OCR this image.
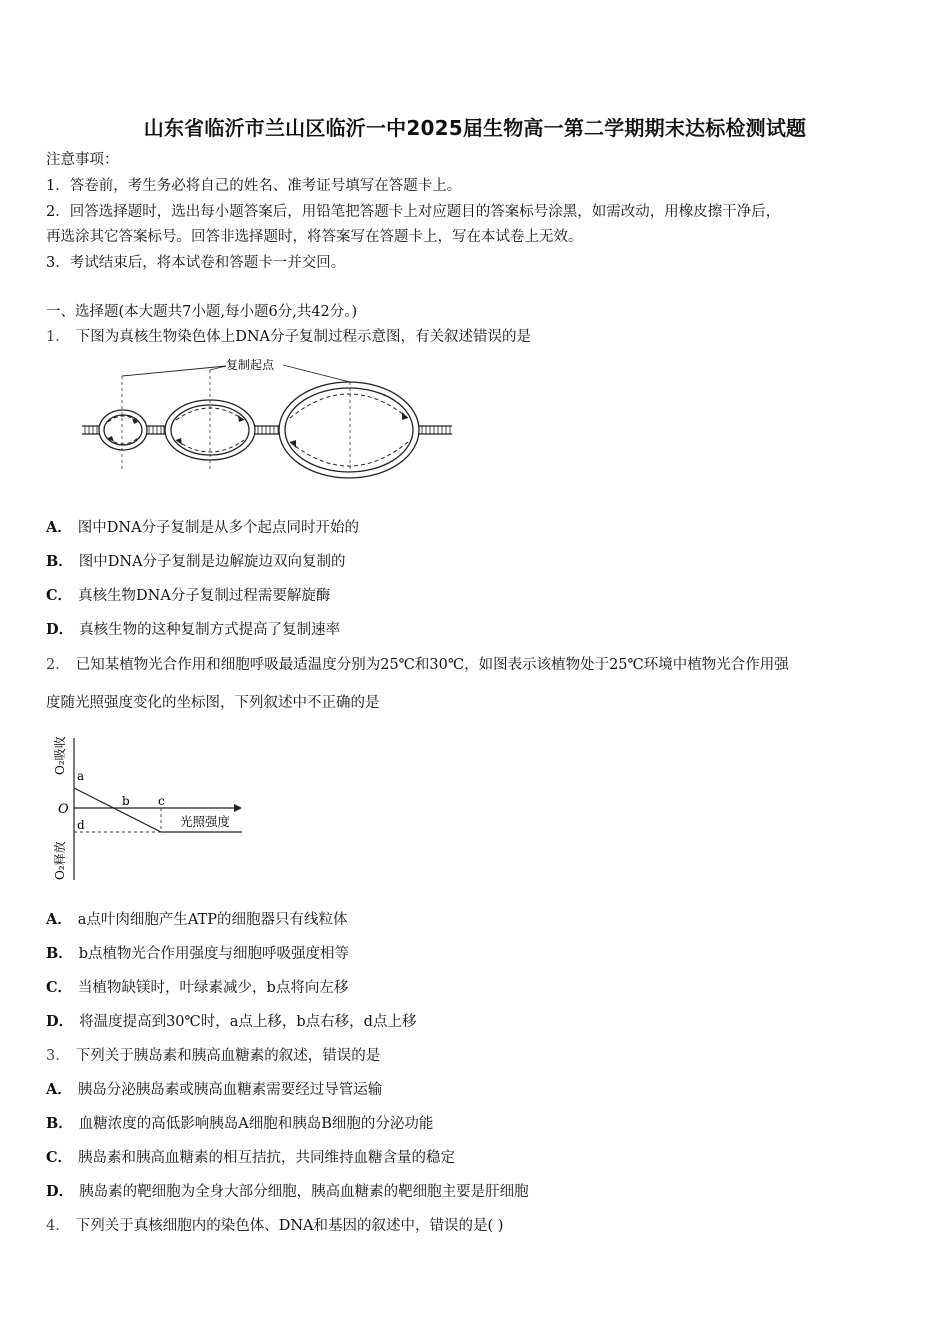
山东省临沂市兰山区临沂一中2025届生物高一第二学期期末达标检测试题
注意事项：
1．答卷前，考生务必将自己的姓名、准考证号填写在答题卡上。
2．回答选择题时，选出每小题答案后，用铅笔把答题卡上对应题目的答案标号涂黑，如需改动，用橡皮擦干净后，
再选涂其它答案标号。回答非选择题时，将答案写在答题卡上，写在本试卷上无效。
3．考试结束后，将本试卷和答题卡一并交回。
一、选择题(本大题共7小题,每小题6分,共42分。)
1． 下图为真核生物染色体上DNA分子复制过程示意图，有关叙述错误的是
复制起点
A． 图中DNA分子复制是从多个起点同时开始的
B． 图中DNA分子复制是边解旋边双向复制的
C． 真核生物DNA分子复制过程需要解旋酶
D． 真核生物的这种复制方式提高了复制速率
2． 已知某植物光合作用和细胞呼吸最适温度分别为25℃和30℃，如图表示该植物处于25℃环境中植物光合作用强
度随光照强度变化的坐标图，下列叙述中不正确的是
O₂吸收
O₂释放
O
a
b c
d	光照强度
A． a点叶肉细胞产生ATP的细胞器只有线粒体
B． b点植物光合作用强度与细胞呼吸强度相等
C． 当植物缺镁时，叶绿素减少，b点将向左移
D． 将温度提高到30℃时，a点上移，b点右移，d点上移
3． 下列关于胰岛素和胰高血糖素的叙述，错误的是
A． 胰岛分泌胰岛素或胰高血糖素需要经过导管运输
B． 血糖浓度的高低影响胰岛A细胞和胰岛B细胞的分泌功能
C． 胰岛素和胰高血糖素的相互拮抗，共同维持血糖含量的稳定
D． 胰岛素的靶细胞为全身大部分细胞，胰高血糖素的靶细胞主要是肝细胞
4． 下列关于真核细胞内的染色体、DNA和基因的叙述中，错误的是( )
